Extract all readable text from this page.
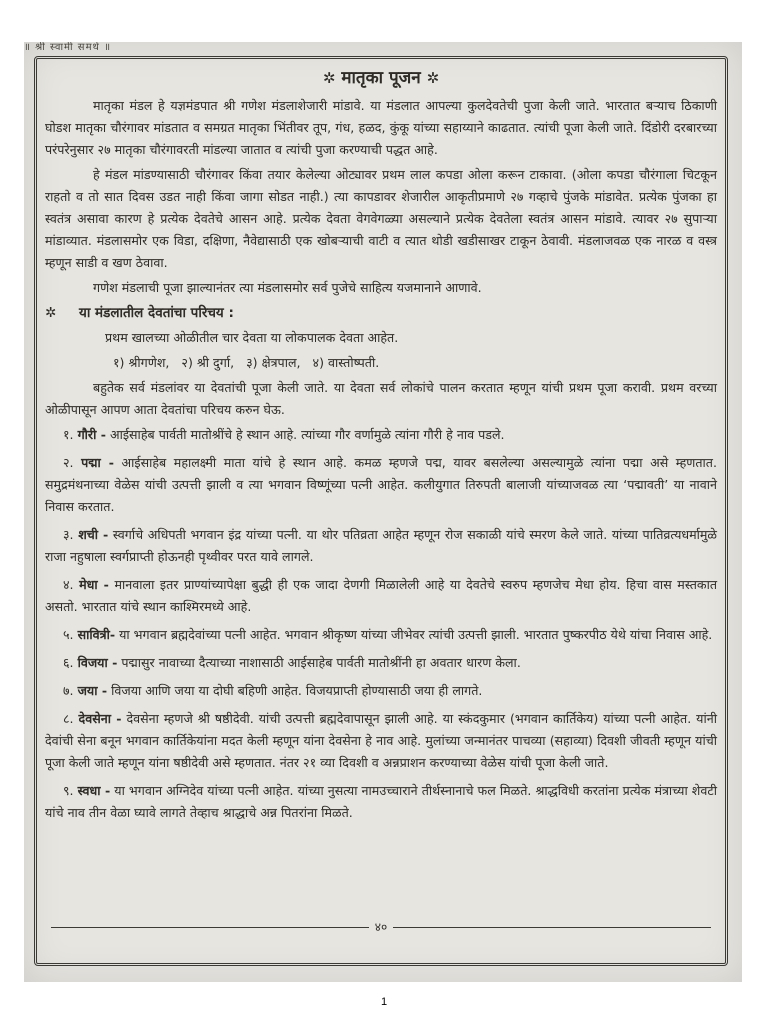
॥ श्री स्वामी समर्थ ॥
✲ मातृका पूजन ✲

मातृका मंडल हे यज्ञमंडपात श्री गणेश मंडलाशेजारी मांडावे. या मंडलात आपल्या कुलदेवतेची पुजा केली जाते. भारतात बऱ्याच ठिकाणी घोडश मातृका चौरंगावर मांडतात व समग्रत मातृका भिंतीवर तूप, गंध, हळद, कुंकू यांच्या सहाय्याने काढतात. त्यांची पूजा केली जाते. दिंडोरी दरबारच्या परंपरेनुसार २७ मातृका चौरंगावरती मांडल्या जातात व त्यांची पुजा करण्याची पद्धत आहे.

हे मंडल मांडण्यासाठी चौरंगावर किंवा तयार केलेल्या ओट्यावर प्रथम लाल कपडा ओला करून टाकावा. (ओला कपडा चौरंगाला चिटकून राहतो व तो सात दिवस उडत नाही किंवा जागा सोडत नाही.) त्या कापडावर शेजारील आकृतीप्रमाणे २७ गव्हाचे पुंजके मांडावेत. प्रत्येक पुंजका हा स्वतंत्र असावा कारण हे प्रत्येक देवतेचे आसन आहे. प्रत्येक देवता वेगवेगळ्या असल्याने प्रत्येक देवतेला स्वतंत्र आसन मांडावे. त्यावर २७ सुपाऱ्या मांडाव्यात. मंडलासमोर एक विडा, दक्षिणा, नैवेद्यासाठी एक खोबऱ्याची वाटी व त्यात थोडी खडीसाखर टाकून ठेवावी. मंडलाजवळ एक नारळ व वस्त्र म्हणून साडी व खण ठेवावा.

गणेश मंडलाची पूजा झाल्यानंतर त्या मंडलासमोर सर्व पुजेचे साहित्य यजमानाने आणावे.

✲ या मंडलातील देवतांचा परिचय :

प्रथम खालच्या ओळीतील चार देवता या लोकपालक देवता आहेत.

१) श्रीगणेश,   २) श्री दुर्गा,   ३) क्षेत्रपाल,   ४) वास्तोष्पती.

बहुतेक सर्व मंडलांवर या देवतांची पूजा केली जाते. या देवता सर्व लोकांचे पालन करतात म्हणून यांची प्रथम पूजा करावी. प्रथम वरच्या ओळीपासून आपण आता देवतांचा परिचय करुन घेऊ.

१. गौरी - आईसाहेब पार्वती मातोश्रींचे हे स्थान आहे. त्यांच्या गौर वर्णामुळे त्यांना गौरी हे नाव पडले.

२. पद्मा - आईसाहेब महालक्ष्मी माता यांचे हे स्थान आहे. कमळ म्हणजे पद्म, यावर बसलेल्या असल्यामुळे त्यांना पद्मा असे म्हणतात. समुद्रमंथनाच्या वेळेस यांची उत्पत्ती झाली व त्या भगवान विष्णूंच्या पत्नी आहेत. कलीयुगात तिरुपती बालाजी यांच्याजवळ त्या ‘पद्मावती’ या नावाने निवास करतात.

३. शची - स्वर्गाचे अधिपती भगवान इंद्र यांच्या पत्नी. या थोर पतिव्रता आहेत म्हणून रोज सकाळी यांचे स्मरण केले जाते. यांच्या पातिव्रत्यधर्मामुळे राजा नहुषाला स्वर्गप्राप्ती होऊनही पृथ्वीवर परत यावे लागले.

४. मेधा - मानवाला इतर प्राण्यांच्यापेक्षा बुद्धी ही एक जादा देणगी मिळालेली आहे या देवतेचे स्वरुप म्हणजेच मेधा होय. हिचा वास मस्तकात असतो. भारतात यांचे स्थान काश्मिरमध्ये आहे.

५. सावित्री- या भगवान ब्रह्मदेवांच्या पत्नी आहेत. भगवान श्रीकृष्ण यांच्या जीभेवर त्यांची उत्पत्ती झाली. भारतात पुष्करपीठ येथे यांचा निवास आहे.

६. विजया - पद्मासुर नावाच्या दैत्याच्या नाशासाठी आईसाहेब पार्वती मातोश्रींनी हा अवतार धारण केला.

७. जया - विजया आणि जया या दोघी बहिणी आहेत. विजयप्राप्ती होण्यासाठी जया ही लागते.

८. देवसेना - देवसेना म्हणजे श्री षष्ठीदेवी. यांची उत्पत्ती ब्रह्मदेवापासून झाली आहे. या स्कंदकुमार (भगवान कार्तिकेय) यांच्या पत्नी आहेत. यांनी देवांची सेना बनून भगवान कार्तिकेयांना मदत केली म्हणून यांना देवसेना हे नाव आहे. मुलांच्या जन्मानंतर पाचव्या (सहाव्या) दिवशी जीवती म्हणून यांची पूजा केली जाते म्हणून यांना षष्ठीदेवी असे म्हणतात. नंतर २१ व्या दिवशी व अन्नप्राशन करण्याच्या वेळेस यांची पूजा केली जाते.

९. स्वधा - या भगवान अग्निदेव यांच्या पत्नी आहेत. यांच्या नुसत्या नामउच्चाराने तीर्थस्नानाचे फल मिळते. श्राद्धविधी करतांना प्रत्येक मंत्राच्या शेवटी यांचे नाव तीन वेळा घ्यावे लागते तेव्हाच श्राद्धाचे अन्न पितरांना मिळते.

४०
1
